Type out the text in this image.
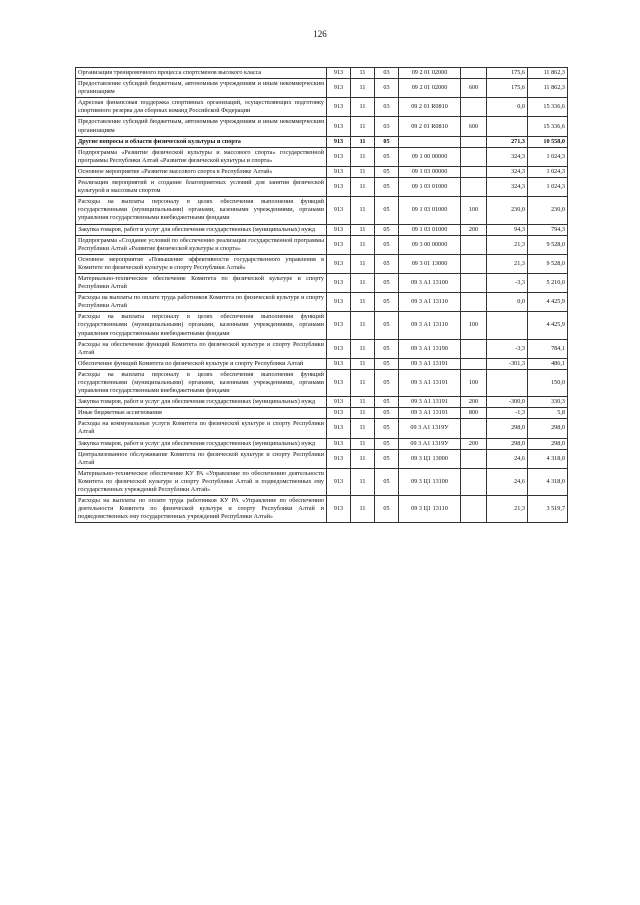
126
Организация тренировочного процесса спортсменов высокого класса	913	11	03	09 2 01 02000		175,6	11 862,3
Предоставление субсидий бюджетным, автономным учреждениям и иным некоммерческим организациям	913	11	03	09 2 01 02000	600	175,6	11 862,3
Адресная финансовая поддержка спортивных организаций, осуществляющих подготовку спортивного резерва для сборных команд Российской Федерации	913	11	03	09 2 01 R0810		0,0	15 336,6
Предоставление субсидий бюджетным, автономным учреждениям и иным некоммерческим организациям	913	11	03	09 2 01 R0810	600		15 336,6
Другие вопросы в области физической культуры и спорта	913	11	05			271,3	10 558,0
Подпрограмма «Развитие физической культуры и массового спорта» государственной программы Республики Алтай «Развитие физической культуры и спорта»	913	11	05	09 1 00 00000		324,3	1 024,3
Основное мероприятие «Развитие массового спорта в Республике Алтай»	913	11	05	09 1 03 00000		324,3	1 024,3
Реализация мероприятий и создание благоприятных условий для занятия физической культурой и массовым спортом	913	11	05	09 1 03 01000		324,3	1 024,3
Расходы на выплаты персоналу в целях обеспечения выполнения функций государственными (муниципальными) органами, казенными учреждениями, органами управления государственными внебюджетными фондами	913	11	05	09 1 03 01000	100	230,0	230,0
Закупка товаров, работ и услуг для обеспечения государственных (муниципальных) нужд	913	11	05	09 1 03 01000	200	94,3	794,3
Подпрограмма «Создание условий по обеспечению реализации государственной программы Республики Алтай «Развитие физической культуры и спорта»	913	11	05	09 3 00 00000		21,3	9 528,0
Основное мероприятие «Повышение эффективности государственного управления в Комитете по физической культуре и спорту Республики Алтай»	913	11	05	09 3 01 13000		21,3	9 528,0
Материально-техническое обеспечение Комитета по физической культуре и спорту Республики Алтай	913	11	05	09 3 А1 13100		-3,3	5 210,0
Расходы на выплаты по оплате труда работников Комитета по физической культуре и спорту Республики Алтай	913	11	05	09 3 А1 13110		0,0	4 425,9
Расходы на выплаты персоналу в целях обеспечения выполнения функций государственными (муниципальными) органами, казенными учреждениями, органами управления государственными внебюджетными фондами	913	11	05	09 3 А1 13110	100		4 425,9
Расходы на обеспечение функций Комитета по физической культуре и спорту Республики Алтай	913	11	05	09 3 А1 13190		-3,3	784,1
Обеспечение функций Комитета по физической культуре и спорту Республики Алтай	913	11	05	09 3 А1 13191		-301,3	486,1
Расходы на выплаты персоналу в целях обеспечения выполнения функций государственными (муниципальными) органами, казенными учреждениями, органами управления государственными внебюджетными фондами	913	11	05	09 3 А1 13191	100		150,0
Закупка товаров, работ и услуг для обеспечения государственных (муниципальных) нужд	913	11	05	09 3 А1 13191	200	-300,0	330,3
Иные бюджетные ассигнования	913	11	05	09 3 А1 13191	800	-1,3	5,8
Расходы на коммунальные услуги Комитета по физической культуре и спорту Республики Алтай	913	11	05	09 3 А1 1319У		298,0	298,0
Закупка товаров, работ и услуг для обеспечения государственных (муниципальных) нужд	913	11	05	09 3 А1 1319У	200	298,0	298,0
Централизованное обслуживание Комитета по физической культуре и спорту Республики Алтай	913	11	05	09 3 Ц1 13000		24,6	4 318,0
Материально-техническое обеспечение КУ РА «Управление по обеспечению деятельности Комитета по физической культуре и спорту Республики Алтай и подведомственных ему государственных учреждений Республики Алтай»	913	11	05	09 3 Ц1 13100		24,6	4 318,0
Расходы на выплаты по оплате труда работников КУ РА «Управление по обеспечению деятельности Комитета по физической культуре и спорту Республики Алтай и подведомственных ему государственных учреждений Республики Алтай»	913	11	05	09 3 Ц1 13110		21,3	3 519,7
